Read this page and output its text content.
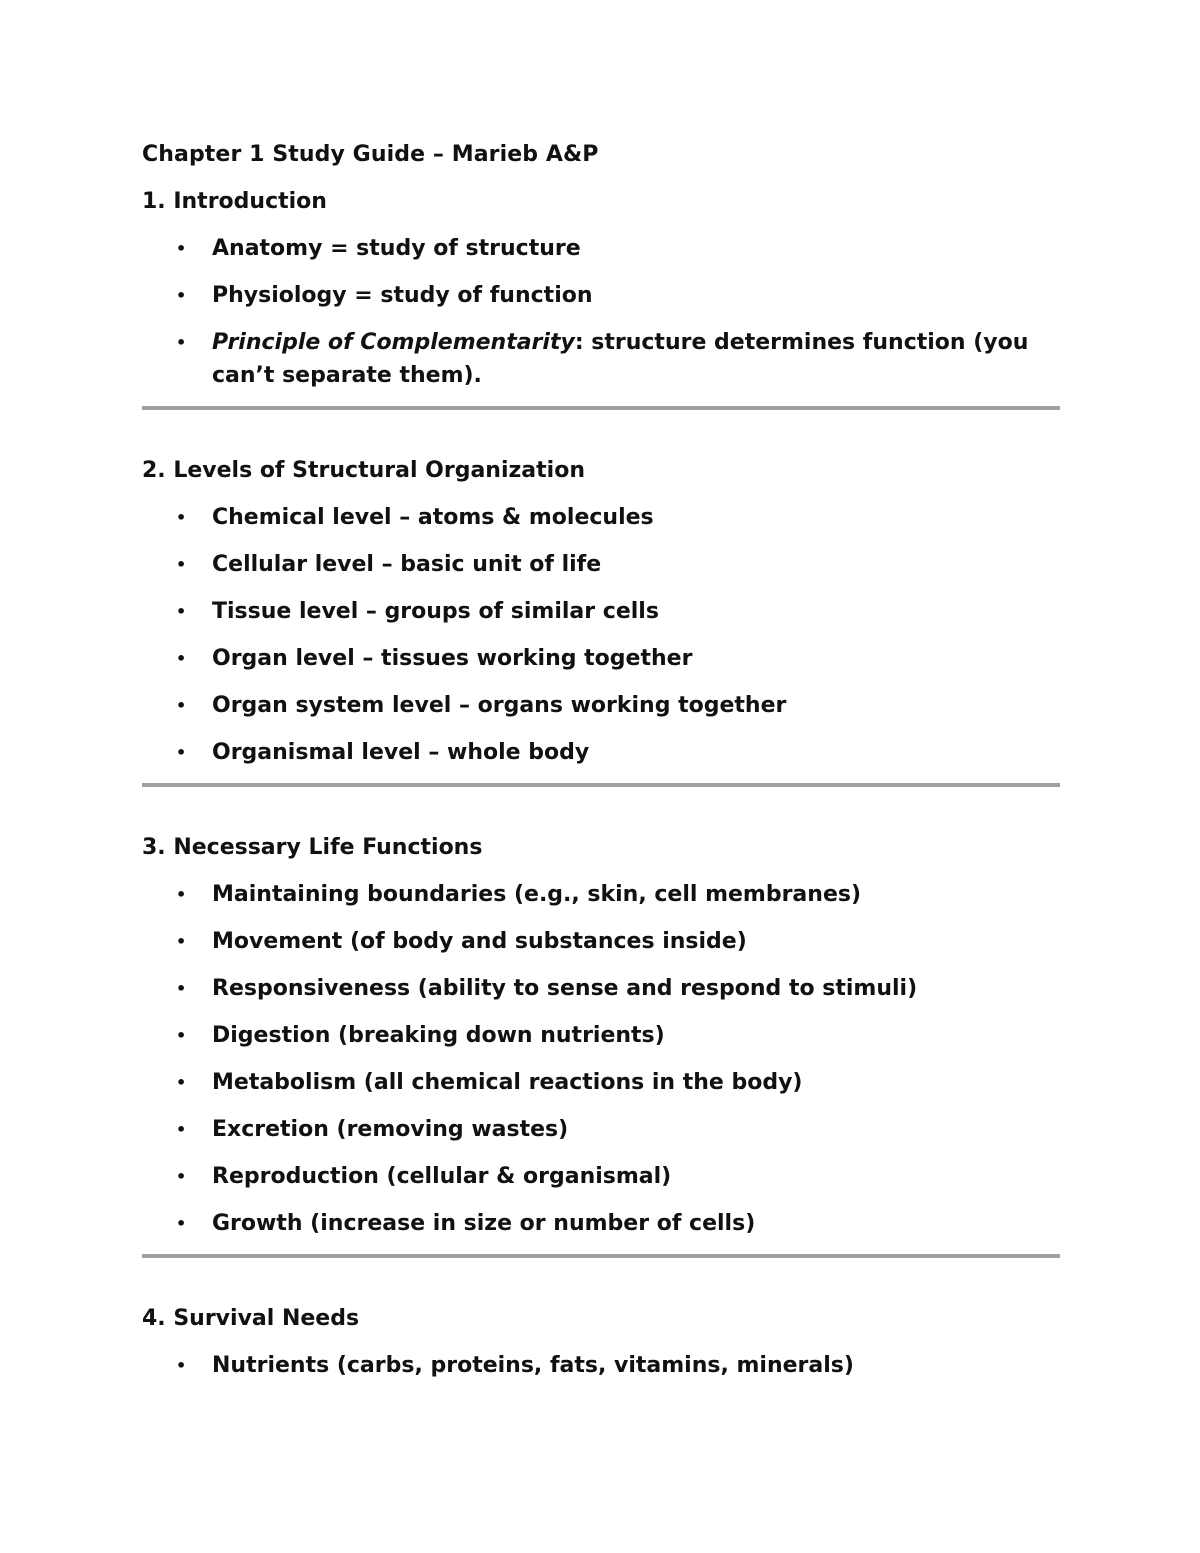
Chapter 1 Study Guide – Marieb A&P
1. Introduction
• Anatomy = study of structure
• Physiology = study of function
• Principle of Complementarity: structure determines function (you can’t separate them).
2. Levels of Structural Organization
• Chemical level – atoms & molecules
• Cellular level – basic unit of life
• Tissue level – groups of similar cells
• Organ level – tissues working together
• Organ system level – organs working together
• Organismal level – whole body
3. Necessary Life Functions
• Maintaining boundaries (e.g., skin, cell membranes)
• Movement (of body and substances inside)
• Responsiveness (ability to sense and respond to stimuli)
• Digestion (breaking down nutrients)
• Metabolism (all chemical reactions in the body)
• Excretion (removing wastes)
• Reproduction (cellular & organismal)
• Growth (increase in size or number of cells)
4. Survival Needs
• Nutrients (carbs, proteins, fats, vitamins, minerals)
